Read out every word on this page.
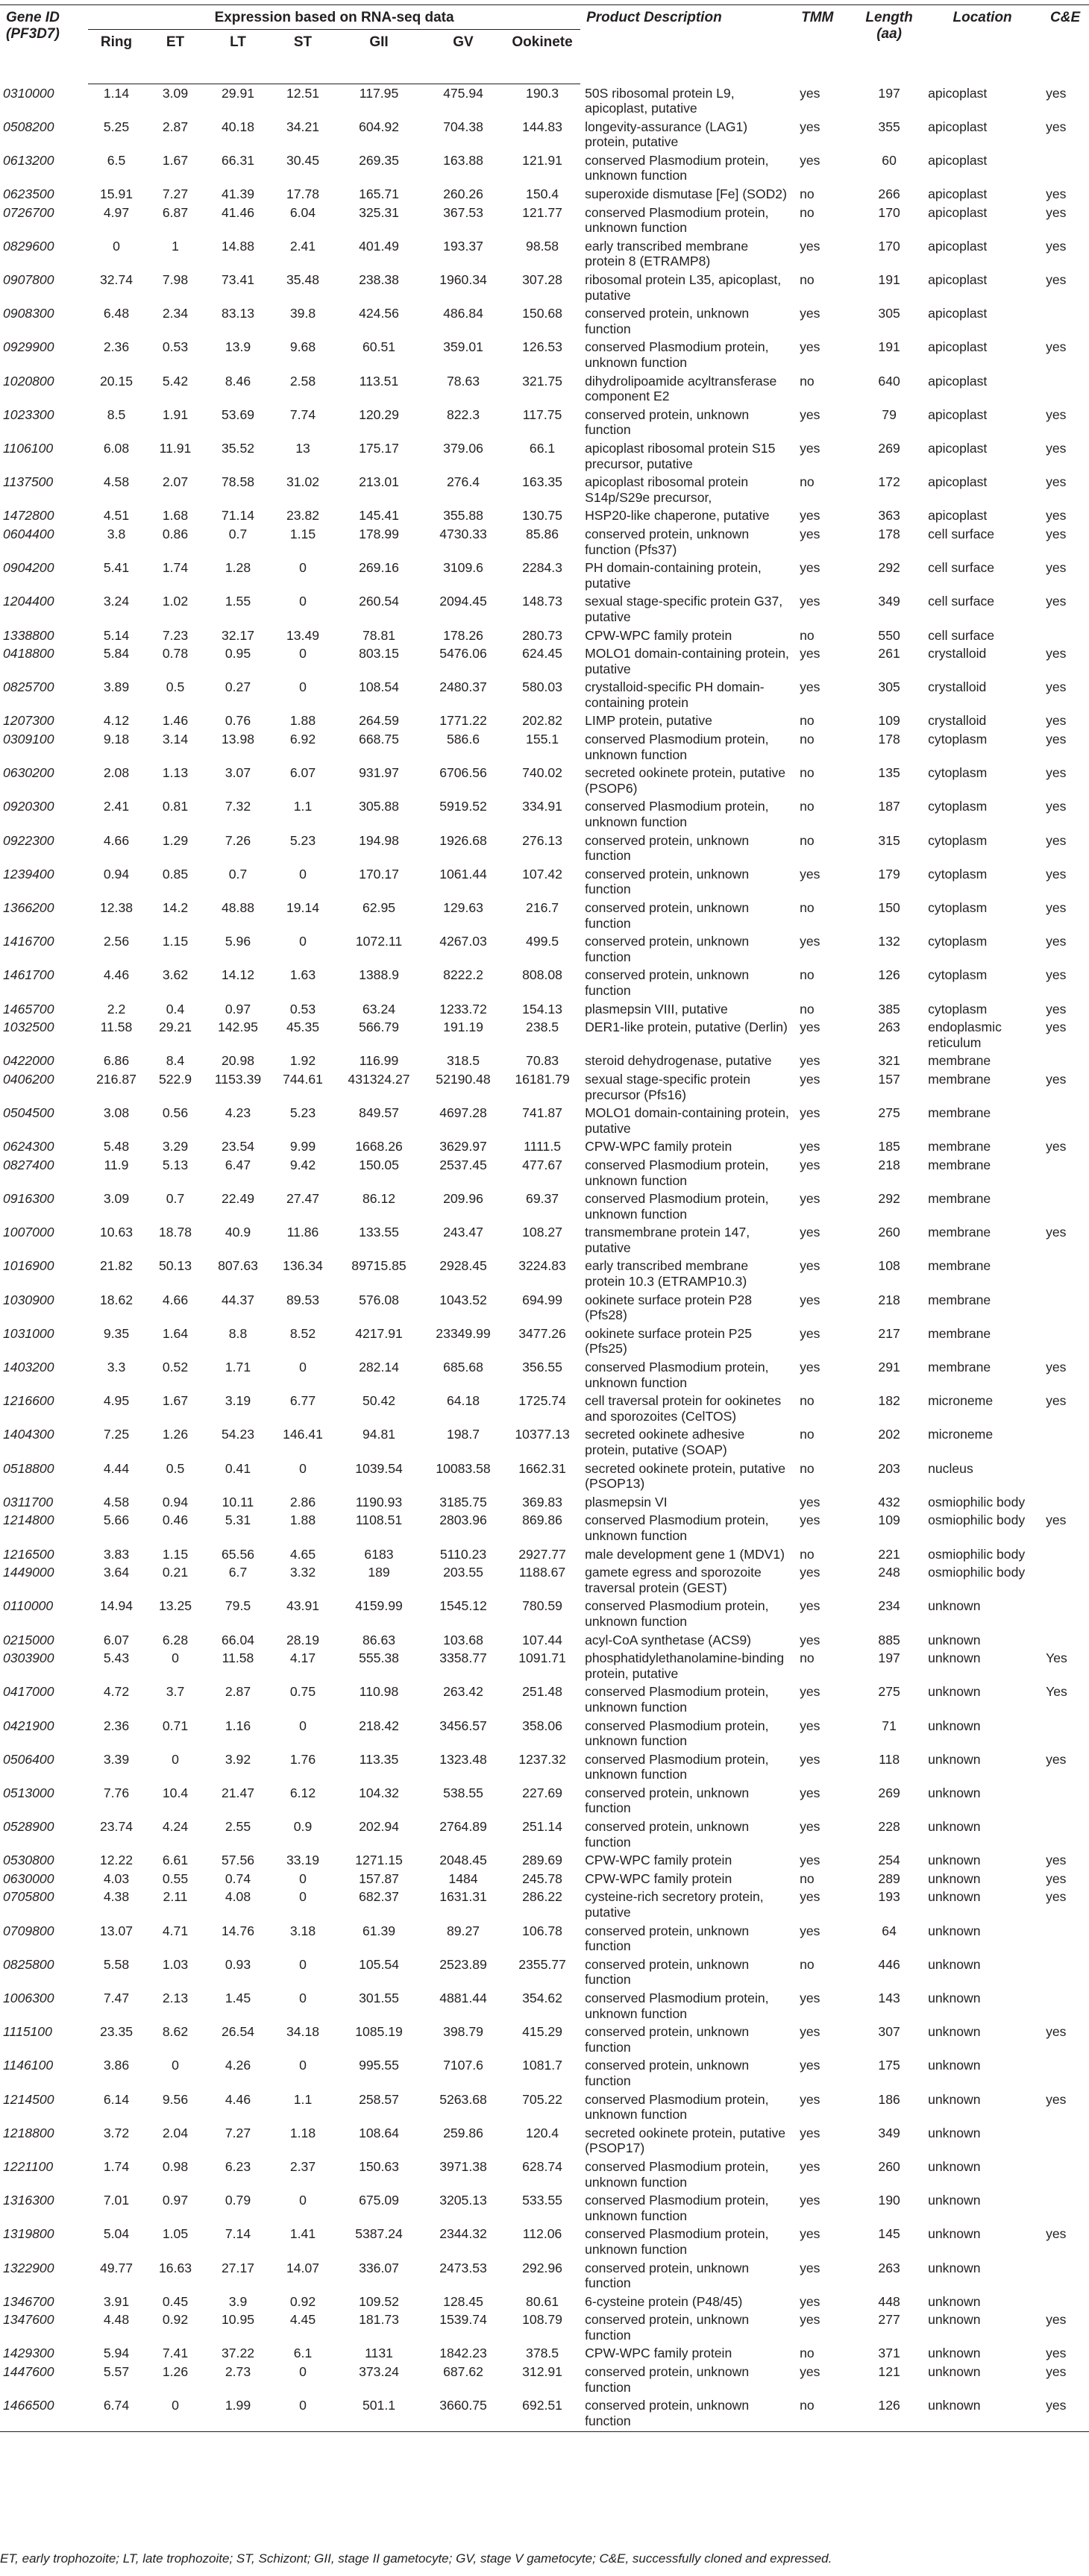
Gene ID (PF3D7)	Expression based on RNA-seq data							Product Description	TMM	Length (aa)	Location	C&E
	Ring	ET	LT	ST	GII	GV	Ookinete					
0310000	1.14	3.09	29.91	12.51	117.95	475.94	190.3	50S ribosomal protein L9, apicoplast, putative	yes	197	apicoplast	yes
0508200	5.25	2.87	40.18	34.21	604.92	704.38	144.83	longevity-assurance (LAG1) protein, putative	yes	355	apicoplast	yes
0613200	6.5	1.67	66.31	30.45	269.35	163.88	121.91	conserved Plasmodium protein, unknown function	yes	60	apicoplast	
0623500	15.91	7.27	41.39	17.78	165.71	260.26	150.4	superoxide dismutase [Fe] (SOD2)	no	266	apicoplast	yes
0726700	4.97	6.87	41.46	6.04	325.31	367.53	121.77	conserved Plasmodium protein, unknown function	no	170	apicoplast	yes
0829600	0	1	14.88	2.41	401.49	193.37	98.58	early transcribed membrane protein 8 (ETRAMP8)	yes	170	apicoplast	yes
0907800	32.74	7.98	73.41	35.48	238.38	1960.34	307.28	ribosomal protein L35, apicoplast, putative	no	191	apicoplast	yes
0908300	6.48	2.34	83.13	39.8	424.56	486.84	150.68	conserved protein, unknown function	yes	305	apicoplast	
0929900	2.36	0.53	13.9	9.68	60.51	359.01	126.53	conserved Plasmodium protein, unknown function	yes	191	apicoplast	yes
1020800	20.15	5.42	8.46	2.58	113.51	78.63	321.75	dihydrolipoamide acyltransferase component E2	no	640	apicoplast	
1023300	8.5	1.91	53.69	7.74	120.29	822.3	117.75	conserved protein, unknown function	yes	79	apicoplast	yes
1106100	6.08	11.91	35.52	13	175.17	379.06	66.1	apicoplast ribosomal protein S15 precursor, putative	yes	269	apicoplast	yes
1137500	4.58	2.07	78.58	31.02	213.01	276.4	163.35	apicoplast ribosomal protein S14p/S29e precursor,	no	172	apicoplast	yes
1472800	4.51	1.68	71.14	23.82	145.41	355.88	130.75	HSP20-like chaperone, putative	yes	363	apicoplast	yes
0604400	3.8	0.86	0.7	1.15	178.99	4730.33	85.86	conserved protein, unknown function (Pfs37)	yes	178	cell surface	yes
0904200	5.41	1.74	1.28	0	269.16	3109.6	2284.3	PH domain-containing protein, putative	yes	292	cell surface	yes
1204400	3.24	1.02	1.55	0	260.54	2094.45	148.73	sexual stage-specific protein G37, putative	yes	349	cell surface	yes
1338800	5.14	7.23	32.17	13.49	78.81	178.26	280.73	CPW-WPC family protein	no	550	cell surface	
0418800	5.84	0.78	0.95	0	803.15	5476.06	624.45	MOLO1 domain-containing protein, putative	yes	261	crystalloid	yes
0825700	3.89	0.5	0.27	0	108.54	2480.37	580.03	crystalloid-specific PH domain-containing protein	yes	305	crystalloid	yes
1207300	4.12	1.46	0.76	1.88	264.59	1771.22	202.82	LIMP protein, putative	no	109	crystalloid	yes
0309100	9.18	3.14	13.98	6.92	668.75	586.6	155.1	conserved Plasmodium protein, unknown function	no	178	cytoplasm	yes
0630200	2.08	1.13	3.07	6.07	931.97	6706.56	740.02	secreted ookinete protein, putative (PSOP6)	no	135	cytoplasm	yes
0920300	2.41	0.81	7.32	1.1	305.88	5919.52	334.91	conserved Plasmodium protein, unknown function	no	187	cytoplasm	yes
0922300	4.66	1.29	7.26	5.23	194.98	1926.68	276.13	conserved protein, unknown function	no	315	cytoplasm	yes
1239400	0.94	0.85	0.7	0	170.17	1061.44	107.42	conserved protein, unknown function	yes	179	cytoplasm	yes
1366200	12.38	14.2	48.88	19.14	62.95	129.63	216.7	conserved protein, unknown function	no	150	cytoplasm	yes
1416700	2.56	1.15	5.96	0	1072.11	4267.03	499.5	conserved protein, unknown function	yes	132	cytoplasm	yes
1461700	4.46	3.62	14.12	1.63	1388.9	8222.2	808.08	conserved protein, unknown function	no	126	cytoplasm	yes
1465700	2.2	0.4	0.97	0.53	63.24	1233.72	154.13	plasmepsin VIII, putative	no	385	cytoplasm	yes
1032500	11.58	29.21	142.95	45.35	566.79	191.19	238.5	DER1-like protein, putative (Derlin)	yes	263	endoplasmic reticulum	yes
0422000	6.86	8.4	20.98	1.92	116.99	318.5	70.83	steroid dehydrogenase, putative	yes	321	membrane	
0406200	216.87	522.9	1153.39	744.61	431324.27	52190.48	16181.79	sexual stage-specific protein precursor (Pfs16)	yes	157	membrane	yes
0504500	3.08	0.56	4.23	5.23	849.57	4697.28	741.87	MOLO1 domain-containing protein, putative	yes	275	membrane	
0624300	5.48	3.29	23.54	9.99	1668.26	3629.97	1111.5	CPW-WPC family protein	yes	185	membrane	yes
0827400	11.9	5.13	6.47	9.42	150.05	2537.45	477.67	conserved Plasmodium protein, unknown function	yes	218	membrane	
0916300	3.09	0.7	22.49	27.47	86.12	209.96	69.37	conserved Plasmodium protein, unknown function	yes	292	membrane	
1007000	10.63	18.78	40.9	11.86	133.55	243.47	108.27	transmembrane protein 147, putative	yes	260	membrane	yes
1016900	21.82	50.13	807.63	136.34	89715.85	2928.45	3224.83	early transcribed membrane protein 10.3 (ETRAMP10.3)	yes	108	membrane	
1030900	18.62	4.66	44.37	89.53	576.08	1043.52	694.99	ookinete surface protein P28 (Pfs28)	yes	218	membrane	
1031000	9.35	1.64	8.8	8.52	4217.91	23349.99	3477.26	ookinete surface protein P25 (Pfs25)	yes	217	membrane	
1403200	3.3	0.52	1.71	0	282.14	685.68	356.55	conserved Plasmodium protein, unknown function	yes	291	membrane	yes
1216600	4.95	1.67	3.19	6.77	50.42	64.18	1725.74	cell traversal protein for ookinetes and sporozoites (CelTOS)	no	182	microneme	yes
1404300	7.25	1.26	54.23	146.41	94.81	198.7	10377.13	secreted ookinete adhesive protein, putative (SOAP)	no	202	microneme	
0518800	4.44	0.5	0.41	0	1039.54	10083.58	1662.31	secreted ookinete protein, putative (PSOP13)	no	203	nucleus	
0311700	4.58	0.94	10.11	2.86	1190.93	3185.75	369.83	plasmepsin VI	yes	432	osmiophilic body	
1214800	5.66	0.46	5.31	1.88	1108.51	2803.96	869.86	conserved Plasmodium protein, unknown function	yes	109	osmiophilic body	yes
1216500	3.83	1.15	65.56	4.65	6183	5110.23	2927.77	male development gene 1 (MDV1)	no	221	osmiophilic body	
1449000	3.64	0.21	6.7	3.32	189	203.55	1188.67	gamete egress and sporozoite traversal protein (GEST)	yes	248	osmiophilic body	
0110000	14.94	13.25	79.5	43.91	4159.99	1545.12	780.59	conserved Plasmodium protein, unknown function	yes	234	unknown	
0215000	6.07	6.28	66.04	28.19	86.63	103.68	107.44	acyl-CoA synthetase (ACS9)	yes	885	unknown	
0303900	5.43	0	11.58	4.17	555.38	3358.77	1091.71	phosphatidylethanolamine-binding protein, putative	no	197	unknown	Yes
0417000	4.72	3.7	2.87	0.75	110.98	263.42	251.48	conserved Plasmodium protein, unknown function	yes	275	unknown	Yes
0421900	2.36	0.71	1.16	0	218.42	3456.57	358.06	conserved Plasmodium protein, unknown function	yes	71	unknown	
0506400	3.39	0	3.92	1.76	113.35	1323.48	1237.32	conserved Plasmodium protein, unknown function	yes	118	unknown	yes
0513000	7.76	10.4	21.47	6.12	104.32	538.55	227.69	conserved protein, unknown function	yes	269	unknown	
0528900	23.74	4.24	2.55	0.9	202.94	2764.89	251.14	conserved protein, unknown function	yes	228	unknown	
0530800	12.22	6.61	57.56	33.19	1271.15	2048.45	289.69	CPW-WPC family protein	yes	254	unknown	yes
0630000	4.03	0.55	0.74	0	157.87	1484	245.78	CPW-WPC family protein	no	289	unknown	yes
0705800	4.38	2.11	4.08	0	682.37	1631.31	286.22	cysteine-rich secretory protein, putative	yes	193	unknown	yes
0709800	13.07	4.71	14.76	3.18	61.39	89.27	106.78	conserved protein, unknown function	yes	64	unknown	
0825800	5.58	1.03	0.93	0	105.54	2523.89	2355.77	conserved protein, unknown function	no	446	unknown	
1006300	7.47	2.13	1.45	0	301.55	4881.44	354.62	conserved Plasmodium protein, unknown function	yes	143	unknown	
1115100	23.35	8.62	26.54	34.18	1085.19	398.79	415.29	conserved protein, unknown function	yes	307	unknown	yes
1146100	3.86	0	4.26	0	995.55	7107.6	1081.7	conserved protein, unknown function	yes	175	unknown	
1214500	6.14	9.56	4.46	1.1	258.57	5263.68	705.22	conserved Plasmodium protein, unknown function	yes	186	unknown	yes
1218800	3.72	2.04	7.27	1.18	108.64	259.86	120.4	secreted ookinete protein, putative (PSOP17)	yes	349	unknown	
1221100	1.74	0.98	6.23	2.37	150.63	3971.38	628.74	conserved Plasmodium protein, unknown function	yes	260	unknown	
1316300	7.01	0.97	0.79	0	675.09	3205.13	533.55	conserved Plasmodium protein, unknown function	yes	190	unknown	
1319800	5.04	1.05	7.14	1.41	5387.24	2344.32	112.06	conserved Plasmodium protein, unknown function	yes	145	unknown	yes
1322900	49.77	16.63	27.17	14.07	336.07	2473.53	292.96	conserved protein, unknown function	yes	263	unknown	
1346700	3.91	0.45	3.9	0.92	109.52	128.45	80.61	6-cysteine protein (P48/45)	yes	448	unknown	
1347600	4.48	0.92	10.95	4.45	181.73	1539.74	108.79	conserved protein, unknown function	yes	277	unknown	yes
1429300	5.94	7.41	37.22	6.1	1131	1842.23	378.5	CPW-WPC family protein	no	371	unknown	yes
1447600	5.57	1.26	2.73	0	373.24	687.62	312.91	conserved protein, unknown function	yes	121	unknown	yes
1466500	6.74	0	1.99	0	501.1	3660.75	692.51	conserved protein, unknown function	no	126	unknown	yes
ET, early trophozoite; LT, late trophozoite; ST, Schizont; GII, stage II gametocyte; GV, stage V gametocyte; C&E, successfully cloned and expressed.
